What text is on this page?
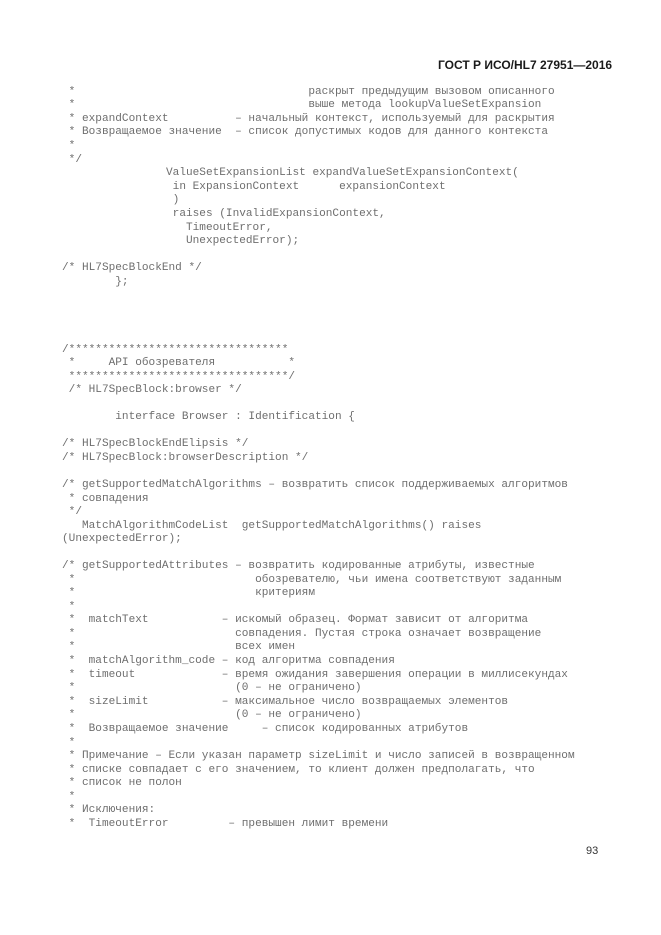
ГОСТ Р ИСО/HL7 27951—2016
*                                   раскрыт предыдущим вызовом описанного
*                                   выше метода lookupValueSetExpansion
* expandContext          – начальный контекст, используемый для раскрытия
* Возвращаемое значение  – список допустимых кодов для данного контекста
*
*/
ValueSetExpansionList expandValueSetExpansionContext(
in ExpansionContext      expansionContext
)
raises (InvalidExpansionContext,
TimeoutError,
UnexpectedError);
/* HL7SpecBlockEnd */
};
/*********************************
*     API обозревателя           *
*********************************/
/* HL7SpecBlock:browser */
interface Browser : Identification {
/* HL7SpecBlockEndElipsis */
/* HL7SpecBlock:browserDescription */
/* getSupportedMatchAlgorithms – возвратить список поддерживаемых алгоритмов
* совпадения
*/
MatchAlgorithmCodeList  getSupportedMatchAlgorithms() raises
(UnexpectedError);
/* getSupportedAttributes – возвратить кодированные атрибуты, известные
*                           обозревателю, чьи имена соответствуют заданным
*                           критериям
*
*  matchText           – искомый образец. Формат зависит от алгоритма
*                        совпадения. Пустая строка означает возвращение
*                        всех имен
*  matchAlgorithm_code – код алгоритма совпадения
*  timeout             – время ожидания завершения операции в миллисекундах
*                        (0 – не ограничено)
*  sizeLimit           – максимальное число возвращаемых элементов
*                        (0 – не ограничено)
*  Возвращаемое значение     – список кодированных атрибутов
*
* Примечание – Если указан параметр sizeLimit и число записей в возвращенном
* списке совпадает с его значением, то клиент должен предполагать, что
* список не полон
*
* Исключения:
*  TimeoutError         – превышен лимит времени
93
